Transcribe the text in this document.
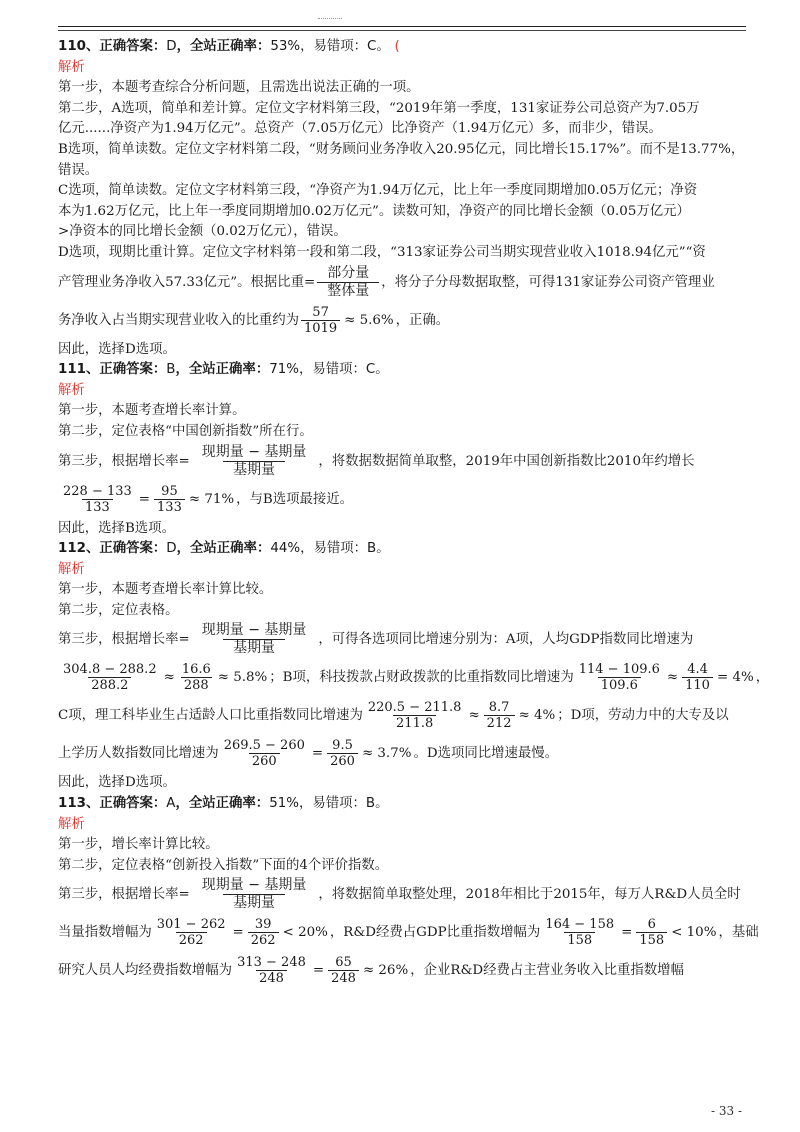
110、正确答案：D，全站正确率：53%，易错项：C。 (
解析
第一步，本题考查综合分析问题，且需选出说法正确的一项。
第二步，A选项，简单和差计算。定位文字材料第三段，“2019年第一季度，131家证券公司总资产为7.05万
亿元......净资产为1.94万亿元”。总资产（7.05万亿元）比净资产（1.94万亿元）多，而非少，错误。
B选项，简单读数。定位文字材料第二段，“财务顾问业务净收入20.95亿元，同比增长15.17%”。而不是13.77%，
错误。
C选项，简单读数。定位文字材料第三段，“净资产为1.94万亿元，比上年一季度同期增加0.05万亿元；净资
本为1.62万亿元，比上年一季度同期增加0.02万亿元”。读数可知，净资产的同比增长金额（0.05万亿元）
>净资本的同比增长金额（0.02万亿元），错误。
D选项，现期比重计算。定位文字材料第一段和第二段，“313家证券公司当期实现营业收入1018.94亿元”“资
产管理业务净收入57.33亿元”。根据比重= $\frac{\text{部分量}}{\text{整体量}}$ ，将分子分母数据取整，可得131家证券公司资产管理业
务净收入占当期实现营业收入的比重约为 $\frac{57}{1019} \approx 5.6\%$ ，正确。
因此，选择D选项。
111、正确答案：B，全站正确率：71%，易错项：C。
解析
第一步，本题考查增长率计算。
第二步，定位表格“中国创新指数”所在行。
第三步，根据增长率= $\frac{\text{现期量 − 基期量}}{\text{基期量}}$ ，将数据数据简单取整，2019年中国创新指数比2010年约增长
$\frac{228 - 133}{133} = \frac{95}{133} \approx 71\%$ ，与B选项最接近。
因此，选择B选项。
112、正确答案：D，全站正确率：44%，易错项：B。
解析
第一步，本题考查增长率计算比较。
第二步，定位表格。
第三步，根据增长率= $\frac{\text{现期量 − 基期量}}{\text{基期量}}$ ，可得各选项同比增速分别为：A项，人均GDP指数同比增速为
$\frac{304.8 - 288.2}{288.2} \approx \frac{16.6}{288} \approx 5.8\%$ ；B项，科技拨款占财政拨款的比重指数同比增速为 $\frac{114 - 109.6}{109.6} \approx \frac{4.4}{110} = 4\%$ ，
C项，理工科毕业生占适龄人口比重指数同比增速为 $\frac{220.5 - 211.8}{211.8} \approx \frac{8.7}{212} \approx 4\%$ ；D项，劳动力中的大专及以
上学历人数指数同比增速为 $\frac{269.5 - 260}{260} = \frac{9.5}{260} \approx 3.7\%$ 。D选项同比增速最慢。
因此，选择D选项。
113、正确答案：A，全站正确率：51%，易错项：B。
解析
第一步，增长率计算比较。
第二步，定位表格“创新投入指数”下面的4个评价指数。
第三步，根据增长率= $\frac{\text{现期量 − 基期量}}{\text{基期量}}$ ，将数据简单取整处理，2018年相比于2015年，每万人R&D人员全时
当量指数增幅为 $\frac{301 - 262}{262} = \frac{39}{262} < 20\%$ ，R&D经费占GDP比重指数增幅为 $\frac{164 - 158}{158} = \frac{6}{158} < 10\%$ ，基础
研究人员人均经费指数增幅为 $\frac{313 - 248}{248} = \frac{65}{248} \approx 26\%$ ，企业R&D经费占主营业务收入比重指数增幅
- 33 -
